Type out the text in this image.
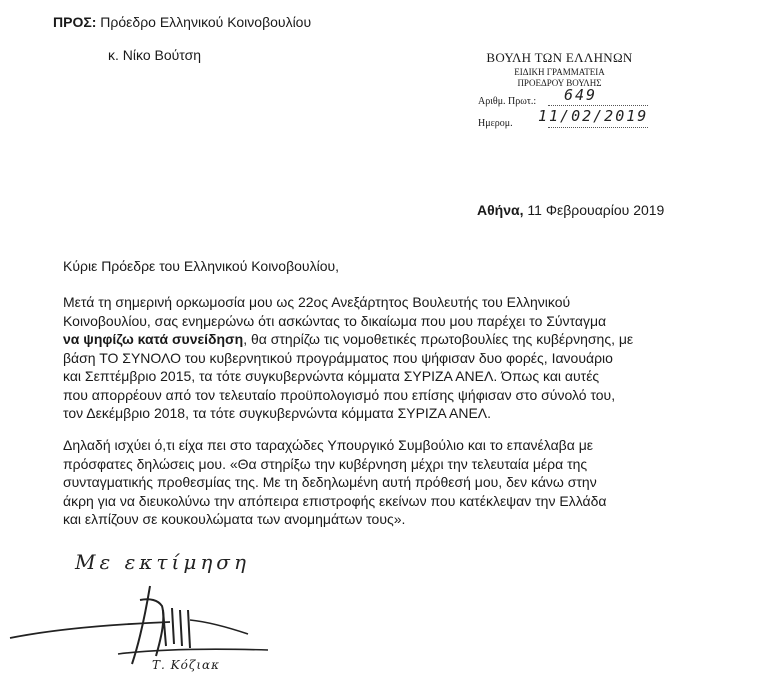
ΠΡΟΣ: Πρόεδρο Ελληνικού Κοινοβουλίου
κ. Νίκο Βούτση	ΒΟΥΛΗ ΤΩΝ ΕΛΛΗΝΩΝ
ΕΙΔΙΚΗ ΓΡΑΜΜΑΤΕΙΑ
ΠΡΟΕΔΡΟΥ ΒΟΥΛΗΣ
Αριθμ. Πρωτ.: 649
Ημερομ. 11/02/2019
Αθήνα, 11 Φεβρουαρίου 2019
Κύριε Πρόεδρε του Ελληνικού Κοινοβουλίου,
Μετά τη σημερινή ορκωμοσία μου ως 22ος Ανεξάρτητος Βουλευτής του Ελληνικού
Κοινοβουλίου, σας ενημερώνω ότι ασκώντας το δικαίωμα που μου παρέχει το Σύνταγμα
να ψηφίζω κατά συνείδηση, θα στηρίζω τις νομοθετικές πρωτοβουλίες της κυβέρνησης, με
βάση ΤΟ ΣΥΝΟΛΟ του κυβερνητικού προγράμματος που ψήφισαν δυο φορές, Ιανουάριο
και Σεπτέμβριο 2015, τα τότε συγκυβερνώντα κόμματα ΣΥΡΙΖΑ ΑΝΕΛ. Όπως και αυτές
που απορρέουν από τον τελευταίο προϋπολογισμό που επίσης ψήφισαν στο σύνολό του,
τον Δεκέμβριο 2018, τα τότε συγκυβερνώντα κόμματα ΣΥΡΙΖΑ ΑΝΕΛ.
Δηλαδή ισχύει ό,τι είχα πει στο ταραχώδες Υπουργικό Συμβούλιο και το επανέλαβα με
πρόσφατες δηλώσεις μου. «Θα στηρίξω την κυβέρνηση μέχρι την τελευταία μέρα της
συνταγματικής προθεσμίας της. Με τη δεδηλωμένη αυτή πρόθεσή μου, δεν κάνω στην
άκρη για να διευκολύνω την απόπειρα επιστροφής εκείνων που κατέκλεψαν την Ελλάδα
και ελπίζουν σε κουκουλώματα των ανομημάτων τους».
Με εκτίμηση
Τ. Κόζιακ
